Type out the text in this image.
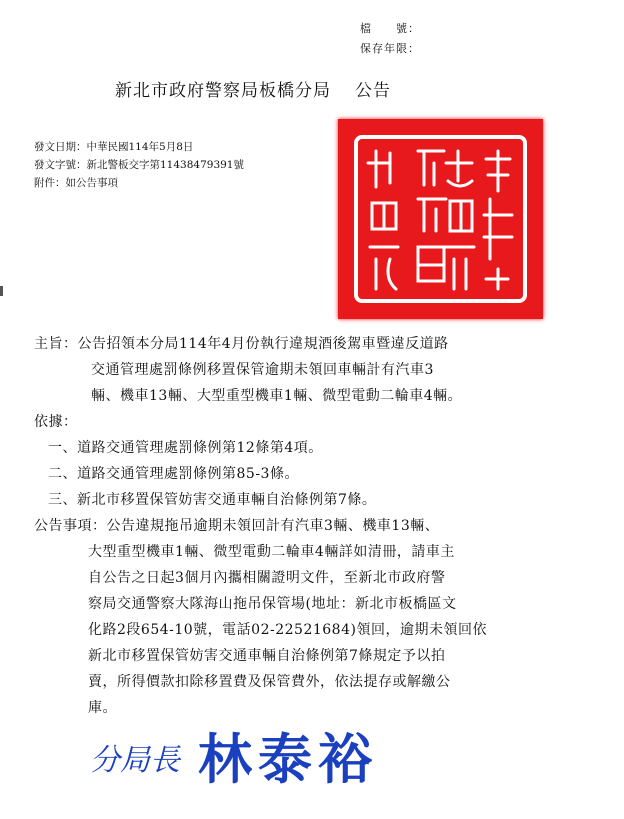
檔　　號：
保存年限：
新北市政府警察局板橋分局 公告
發文日期：中華民國114年5月8日
發文字號：新北警板交字第11438479391號
附件：如公告事項
主旨：公告招領本分局114年4月份執行違規酒後駕車暨違反道路
交通管理處罰條例移置保管逾期未領回車輛計有汽車3
輛、機車13輛、大型重型機車1輛、微型電動二輪車4輛。
依據：
一、道路交通管理處罰條例第12條第4項。
二、道路交通管理處罰條例第85-3條。
三、新北市移置保管妨害交通車輛自治條例第7條。
公告事項：公告違規拖吊逾期未領回計有汽車3輛、機車13輛、
大型重型機車1輛、微型電動二輪車4輛詳如清冊，請車主
自公告之日起3個月內攜相關證明文件，至新北市政府警
察局交通警察大隊海山拖吊保管場(地址：新北市板橋區文
化路2段654-10號，電話02-22521684)領回，逾期未領回依
新北市移置保管妨害交通車輛自治條例第7條規定予以拍
賣，所得價款扣除移置費及保管費外，依法提存或解繳公
庫。
分局長 林泰裕
